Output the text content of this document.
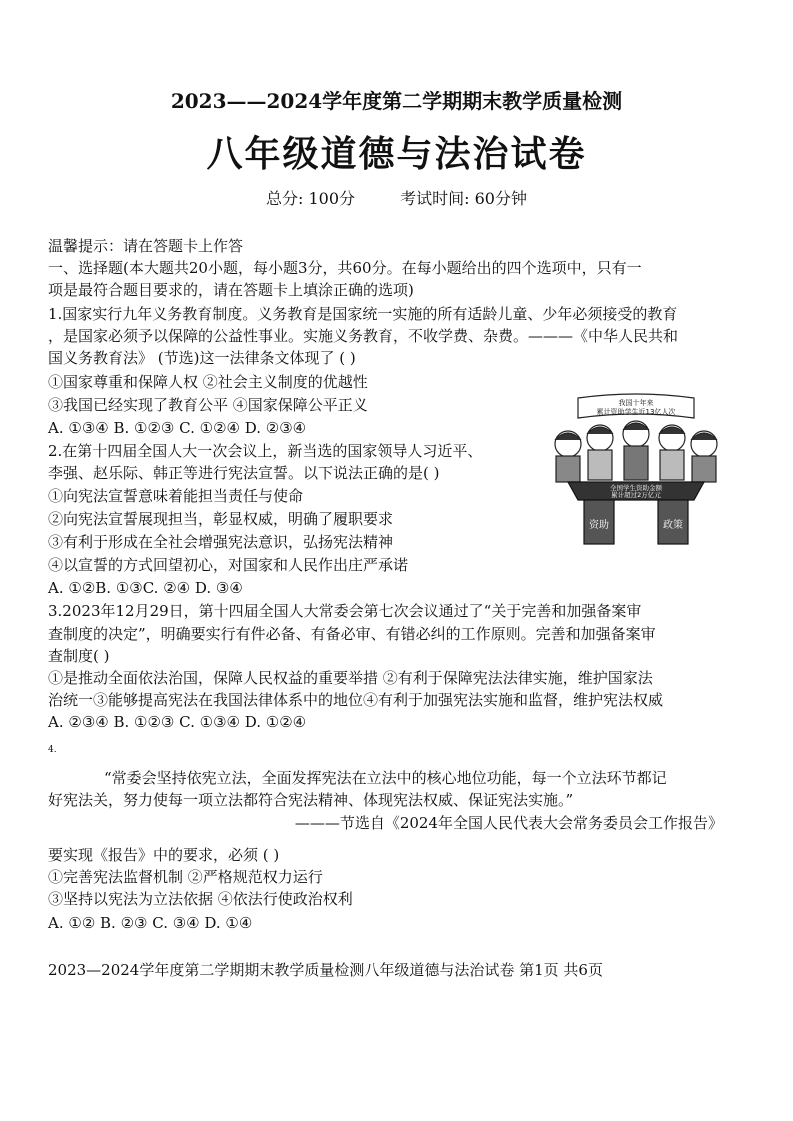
2023——2024学年度第二学期期末教学质量检测
八年级道德与法治试卷
总分: 100分	考试时间: 60分钟
温馨提示：请在答题卡上作答
一、选择题(本大题共20小题，每小题3分，共60分。在每小题给出的四个选项中，只有一
项是最符合题目要求的，请在答题卡上填涂正确的选项)
1.国家实行九年义务教育制度。义务教育是国家统一实施的所有适龄儿童、少年必须接受的教育
，是国家必须予以保障的公益性事业。实施义务教育，不收学费、杂费。———《中华人民共和
国义务教育法》 (节选)这一法律条文体现了 ( )
①国家尊重和保障人权 ②社会主义制度的优越性
③我国已经实现了教育公平 ④国家保障公平正义
A. ①③④ B. ①②③ C. ①②④ D. ②③④
2.在第十四届全国人大一次会议上，新当选的国家领导人习近平、
李强、赵乐际、韩正等进行宪法宣誓。以下说法正确的是( )
①向宪法宣誓意味着能担当责任与使命
②向宪法宣誓展现担当，彰显权威，明确了履职要求
③有利于形成在全社会增强宪法意识，弘扬宪法精神
④以宣誓的方式回望初心，对国家和人民作出庄严承诺
A. ①②B. ①③C. ②④ D. ③④
我国十年来
累计资助学生近13亿人次
全国学生资助金额
累计超过2万亿元
资助	政策
3.2023年12月29日，第十四届全国人大常委会第七次会议通过了“关于完善和加强备案审
查制度的决定”，明确要实行有件必备、有备必审、有错必纠的工作原则。完善和加强备案审
查制度( )
①是推动全面依法治国，保障人民权益的重要举措 ②有利于保障宪法法律实施，维护国家法
治统一③能够提高宪法在我国法律体系中的地位④有利于加强宪法实施和监督，维护宪法权威
A. ②③④ B. ①②③ C. ①③④ D. ①②④
4.
“常委会坚持依宪立法，全面发挥宪法在立法中的核心地位功能，每一个立法环节都记
好宪法关，努力使每一项立法都符合宪法精神、体现宪法权威、保证宪法实施。”
———节选自《2024年全国人民代表大会常务委员会工作报告》
要实现《报告》中的要求，必须 ( )
①完善宪法监督机制 ②严格规范权力运行
③坚持以宪法为立法依据 ④依法行使政治权利
A. ①② B. ②③ C. ③④ D. ①④
2023—2024学年度第二学期期末教学质量检测八年级道德与法治试卷 第1页 共6页
